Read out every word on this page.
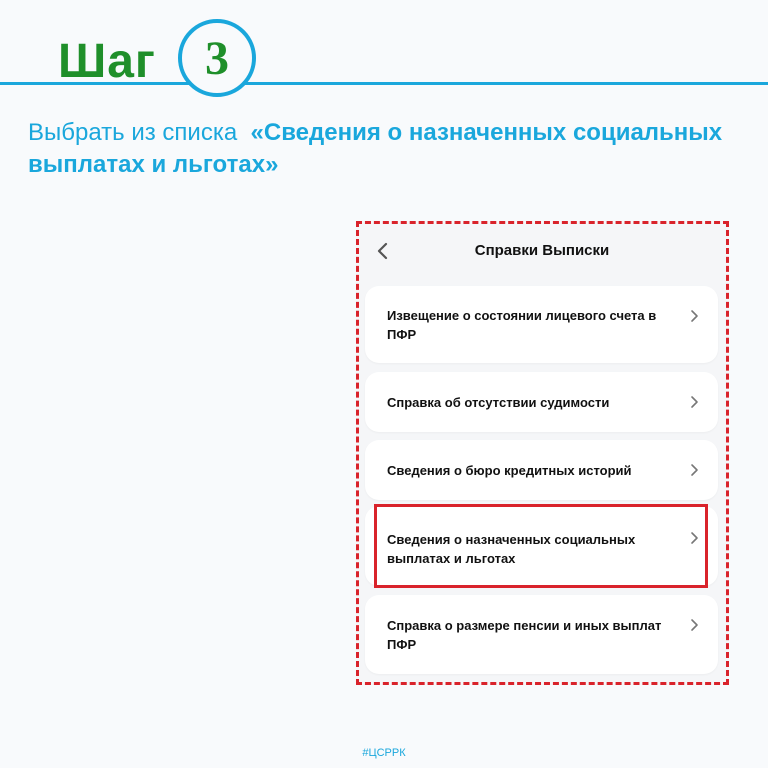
Шаг	3
Выбрать из списка «Сведения о назначенных социальных выплатах и льготах»
Справки Выписки
Извещение о состоянии лицевого счета в ПФР
Справка об отсутствии судимости
Сведения о бюро кредитных историй
Сведения о назначенных социальных выплатах и льготах
Справка о размере пенсии и иных выплат ПФР
#ЦСРРК
